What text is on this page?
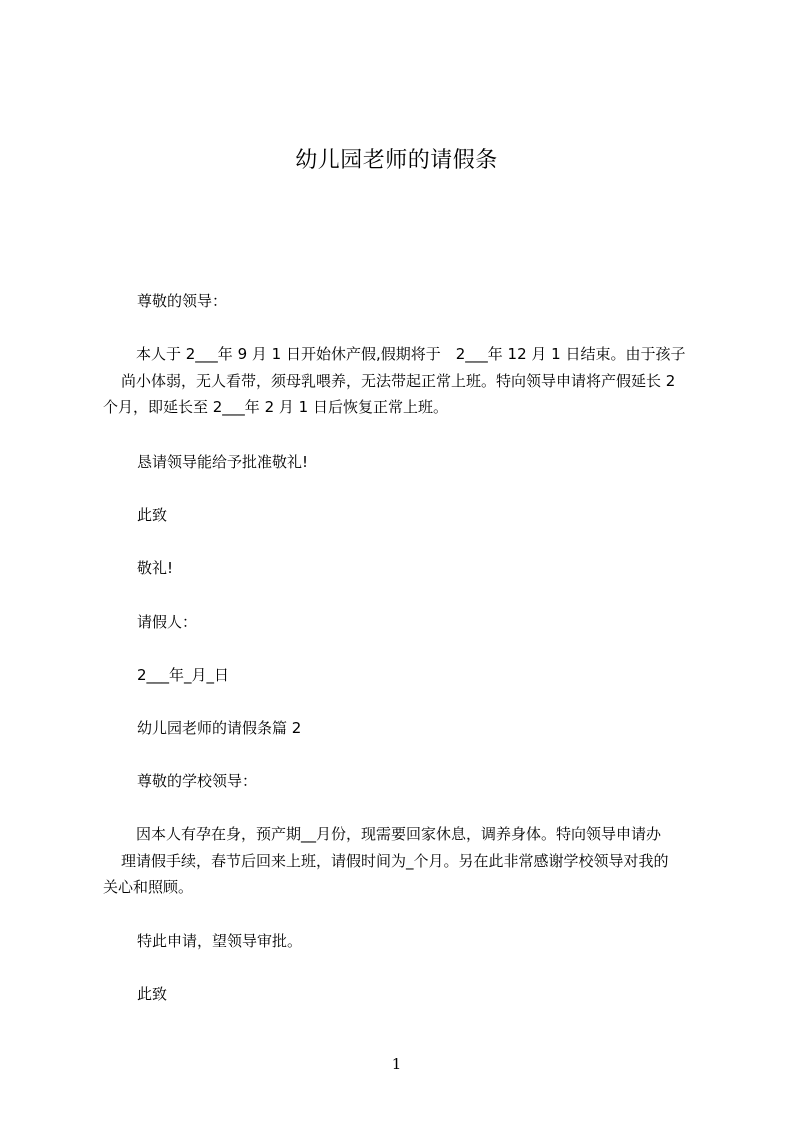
幼儿园老师的请假条
尊敬的领导：
　本人于 2___年 9 月 1 日开始休产假,假期将于　2___年 12 月 1 日结束。由于孩子
尚小体弱，无人看带，须母乳喂养，无法带起正常上班。特向领导申请将产假延长 2
个月，即延长至 2___年 2 月 1 日后恢复正常上班。
恳请领导能给予批准敬礼!
此致
敬礼!
请假人：
2___年_月_日
幼儿园老师的请假条篇 2
尊敬的学校领导：
　因本人有孕在身，预产期__月份，现需要回家休息，调养身体。特向领导申请办
理请假手续，春节后回来上班，请假时间为_个月。另在此非常感谢学校领导对我的
关心和照顾。
特此申请，望领导审批。
此致
1
